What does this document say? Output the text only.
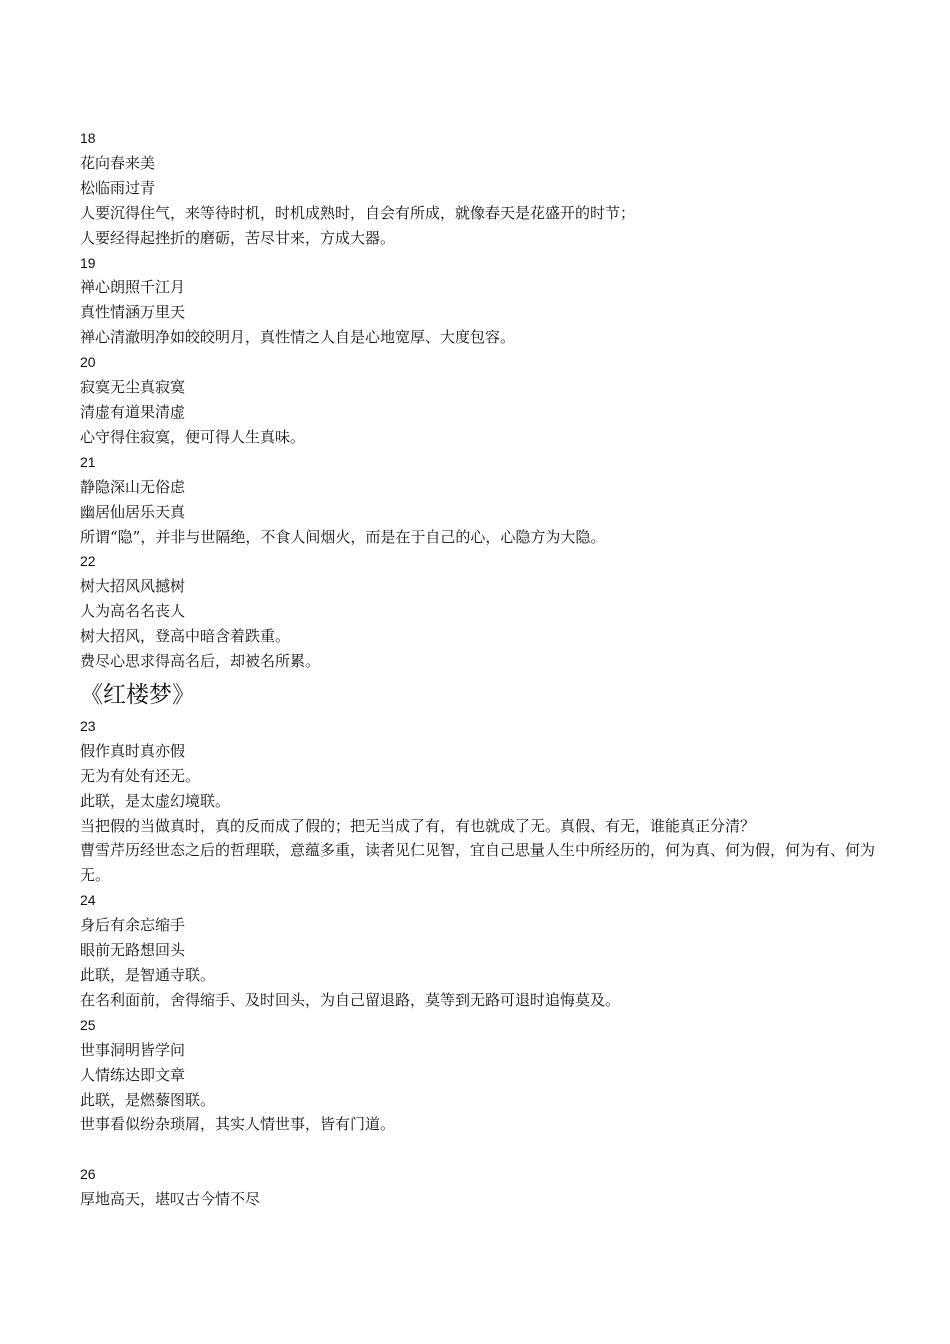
18
花向春来美
松临雨过青
人要沉得住气，来等待时机，时机成熟时，自会有所成，就像春天是花盛开的时节；
人要经得起挫折的磨砺，苦尽甘来，方成大器。
19
禅心朗照千江月
真性情涵万里天
禅心清澈明净如皎皎明月，真性情之人自是心地宽厚、大度包容。
20
寂寞无尘真寂寞
清虚有道果清虚
心守得住寂寞，便可得人生真味。
21
静隐深山无俗虑
幽居仙居乐天真
所谓“隐”，并非与世隔绝，不食人间烟火，而是在于自己的心，心隐方为大隐。
22
树大招风风撼树
人为高名名丧人
树大招风，登高中暗含着跌重。
费尽心思求得高名后，却被名所累。
《红楼梦》
23
假作真时真亦假
无为有处有还无。
此联，是太虚幻境联。
当把假的当做真时，真的反而成了假的；把无当成了有，有也就成了无。真假、有无，谁能真正分清？
曹雪芹历经世态之后的哲理联，意蕴多重，读者见仁见智，宜自己思量人生中所经历的，何为真、何为假，何为有、何为无。
24
身后有余忘缩手
眼前无路想回头
此联，是智通寺联。
在名利面前，舍得缩手、及时回头，为自己留退路，莫等到无路可退时追悔莫及。
25
世事洞明皆学问
人情练达即文章
此联，是燃藜图联。
世事看似纷杂琐屑，其实人情世事，皆有门道。
26
厚地高天，堪叹古今情不尽
